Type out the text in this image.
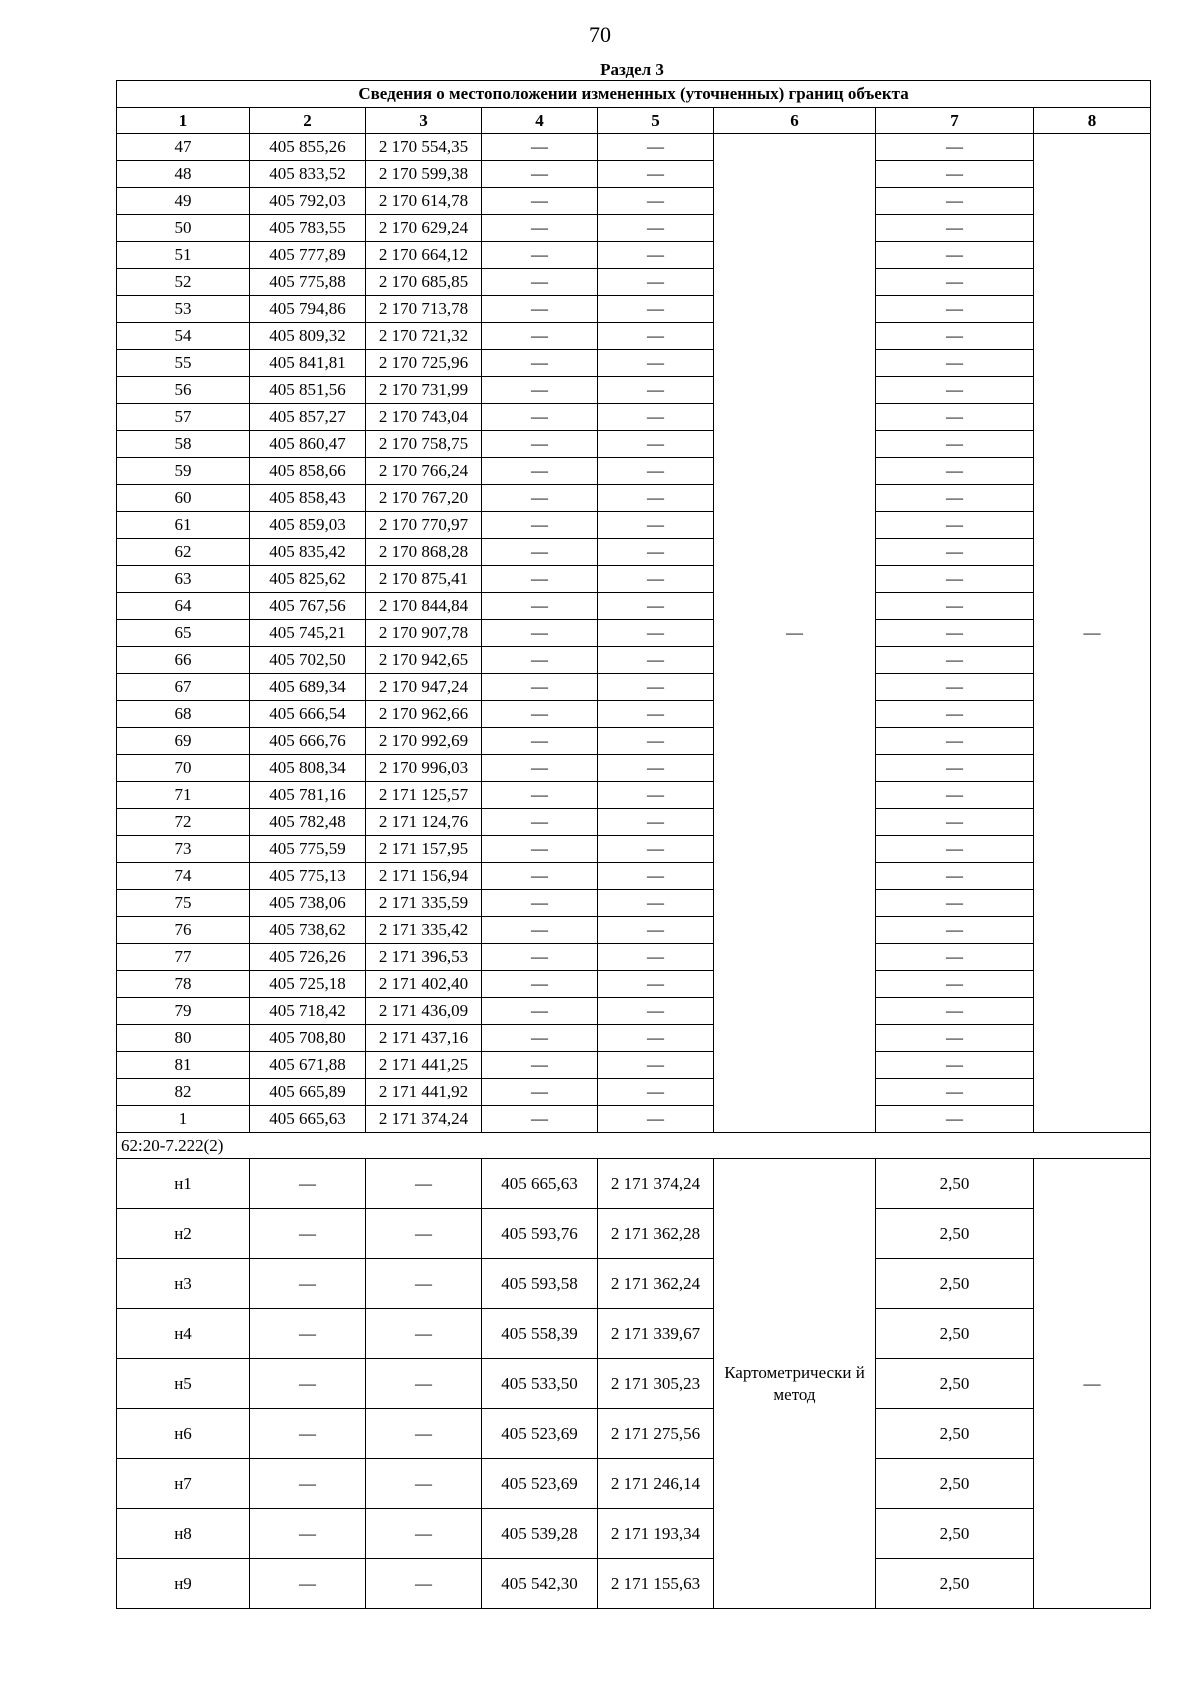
70
Раздел 3
Сведения о местоположении измененных (уточненных) границ объекта							
1	2	3	4	5	6	7	8
47	405 855,26	2 170 554,35	—	—	—	—	—
48	405 833,52	2 170 599,38	—	—		—	
49	405 792,03	2 170 614,78	—	—		—	
50	405 783,55	2 170 629,24	—	—		—	
51	405 777,89	2 170 664,12	—	—		—	
52	405 775,88	2 170 685,85	—	—		—	
53	405 794,86	2 170 713,78	—	—		—	
54	405 809,32	2 170 721,32	—	—		—	
55	405 841,81	2 170 725,96	—	—		—	
56	405 851,56	2 170 731,99	—	—		—	
57	405 857,27	2 170 743,04	—	—		—	
58	405 860,47	2 170 758,75	—	—		—	
59	405 858,66	2 170 766,24	—	—		—	
60	405 858,43	2 170 767,20	—	—		—	
61	405 859,03	2 170 770,97	—	—		—	
62	405 835,42	2 170 868,28	—	—		—	
63	405 825,62	2 170 875,41	—	—		—	
64	405 767,56	2 170 844,84	—	—		—	
65	405 745,21	2 170 907,78	—	—		—	
66	405 702,50	2 170 942,65	—	—		—	
67	405 689,34	2 170 947,24	—	—		—	
68	405 666,54	2 170 962,66	—	—		—	
69	405 666,76	2 170 992,69	—	—		—	
70	405 808,34	2 170 996,03	—	—		—	
71	405 781,16	2 171 125,57	—	—		—	
72	405 782,48	2 171 124,76	—	—		—	
73	405 775,59	2 171 157,95	—	—		—	
74	405 775,13	2 171 156,94	—	—		—	
75	405 738,06	2 171 335,59	—	—		—	
76	405 738,62	2 171 335,42	—	—		—	
77	405 726,26	2 171 396,53	—	—		—	
78	405 725,18	2 171 402,40	—	—		—	
79	405 718,42	2 171 436,09	—	—		—	
80	405 708,80	2 171 437,16	—	—		—	
81	405 671,88	2 171 441,25	—	—		—	
82	405 665,89	2 171 441,92	—	—		—	
1	405 665,63	2 171 374,24	—	—		—	
62:20-7.222(2)							
н1	—	—	405 665,63	2 171 374,24	Картометрически й метод	2,50	—
н2	—	—	405 593,76	2 171 362,28		2,50	
н3	—	—	405 593,58	2 171 362,24		2,50	
н4	—	—	405 558,39	2 171 339,67		2,50	
н5	—	—	405 533,50	2 171 305,23		2,50	
н6	—	—	405 523,69	2 171 275,56		2,50	
н7	—	—	405 523,69	2 171 246,14		2,50	
н8	—	—	405 539,28	2 171 193,34		2,50	
н9	—	—	405 542,30	2 171 155,63		2,50	
